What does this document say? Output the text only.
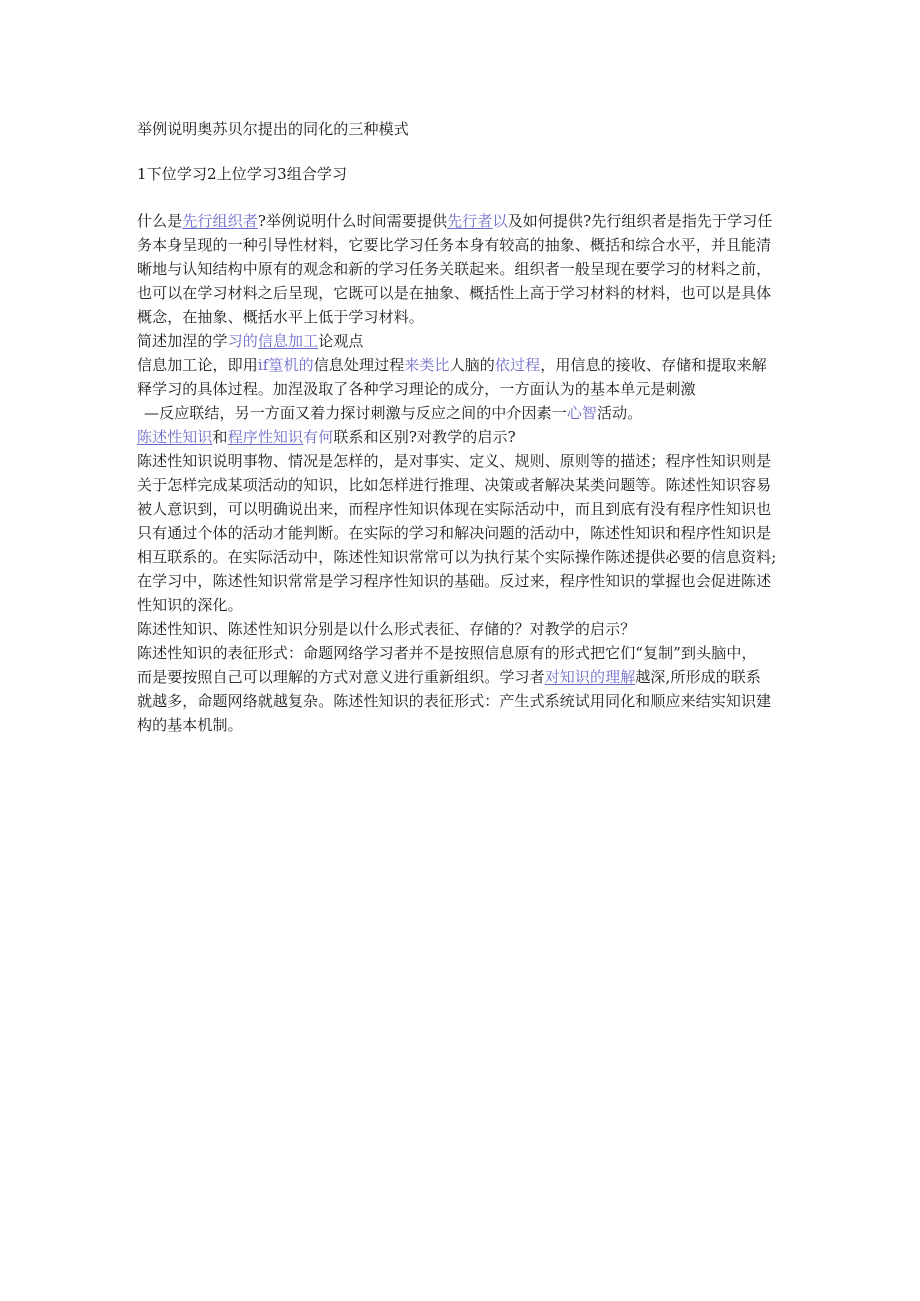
举例说明奥苏贝尔提出的同化的三种模式
1下位学习2上位学习3组合学习
什么是先行组织者?举例说明什么时间需要提供先行者以及如何提供?先行组织者是指先于学习任
务本身呈现的一种引导性材料，它要比学习任务本身有较高的抽象、概括和综合水平，并且能清
晰地与认知结构中原有的观念和新的学习任务关联起来。组织者一般呈现在要学习的材料之前，
也可以在学习材料之后呈现，它既可以是在抽象、概括性上高于学习材料的材料，也可以是具体
概念，在抽象、概括水平上低于学习材料。
简述加涅的学习的信息加工论观点
信息加工论，即用if篁机的信息处理过程来类比人脑的依过程，用信息的接收、存储和提取来解
释学习的具体过程。加涅汲取了各种学习理论的成分，一方面认为的基本单元是刺激
—反应联结，另一方面又着力探讨刺激与反应之间的中介因素一心智活动。
陈述性知识和程序性知识有何联系和区别?对教学的启示?
陈述性知识说明事物、情况是怎样的，是对事实、定义、规则、原则等的描述；程序性知识则是
关于怎样完成某项活动的知识，比如怎样进行推理、决策或者解决某类问题等。陈述性知识容易
被人意识到，可以明确说出来，而程序性知识体现在实际活动中，而且到底有没有程序性知识也
只有通过个体的活动才能判断。在实际的学习和解决问题的活动中，陈述性知识和程序性知识是
相互联系的。在实际活动中，陈述性知识常常可以为执行某个实际操作陈述提供必要的信息资料;
在学习中，陈述性知识常常是学习程序性知识的基础。反过来，程序性知识的掌握也会促进陈述
性知识的深化。
陈述性知识、陈述性知识分别是以什么形式表征、存储的？对教学的启示？
陈述性知识的表征形式：命题网络学习者并不是按照信息原有的形式把它们“复制”到头脑中，
而是要按照自己可以理解的方式对意义进行重新组织。学习者对知识的理解越深,所形成的联系
就越多，命题网络就越复杂。陈述性知识的表征形式：产生式系统试用同化和顺应来结实知识建
构的基本机制。
